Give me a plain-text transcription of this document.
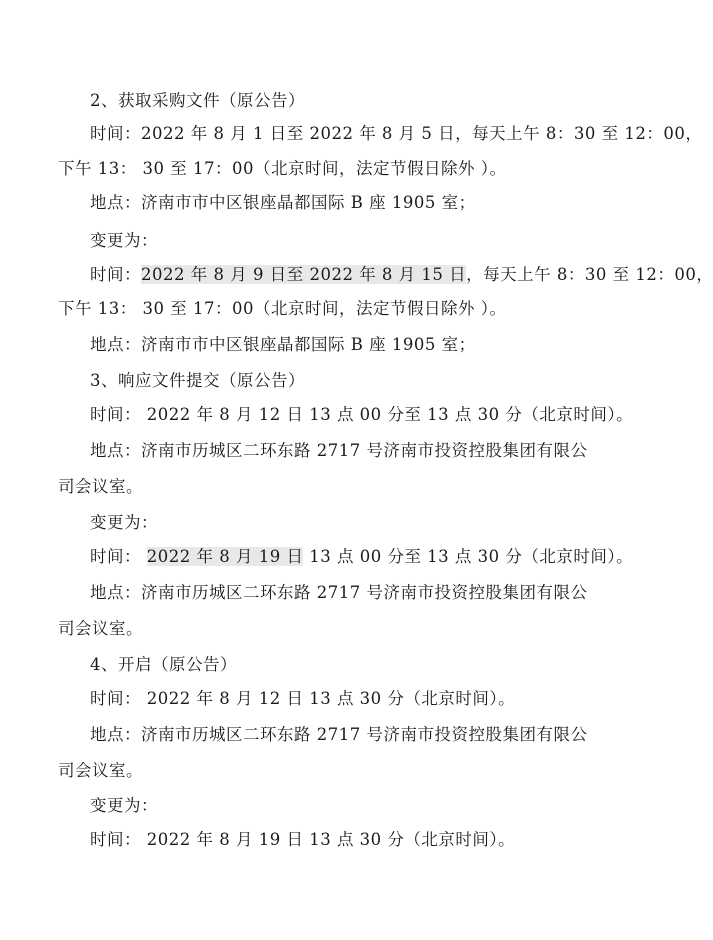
2、获取采购文件（原公告）
时间：2022 年 8 月 1 日至 2022 年 8 月 5 日，每天上午 8：30 至 12：00，
下午 13： 30 至 17：00（北京时间，法定节假日除外 ）。
地点：济南市市中区银座晶都国际 B 座 1905 室；
变更为：
时间：2022 年 8 月 9 日至 2022 年 8 月 15 日，每天上午 8：30 至 12：00，
下午 13： 30 至 17：00（北京时间，法定节假日除外 ）。
地点：济南市市中区银座晶都国际 B 座 1905 室；
3、响应文件提交（原公告）
时间： 2022 年 8 月 12 日 13 点 00 分至 13 点 30 分（北京时间）。
地点：济南市历城区二环东路 2717 号济南市投资控股集团有限公
司会议室。
变更为：
时间： 2022 年 8 月 19 日 13 点 00 分至 13 点 30 分（北京时间）。
地点：济南市历城区二环东路 2717 号济南市投资控股集团有限公
司会议室。
4、开启（原公告）
时间： 2022 年 8 月 12 日 13 点 30 分（北京时间）。
地点：济南市历城区二环东路 2717 号济南市投资控股集团有限公
司会议室。
变更为：
时间： 2022 年 8 月 19 日 13 点 30 分（北京时间）。
